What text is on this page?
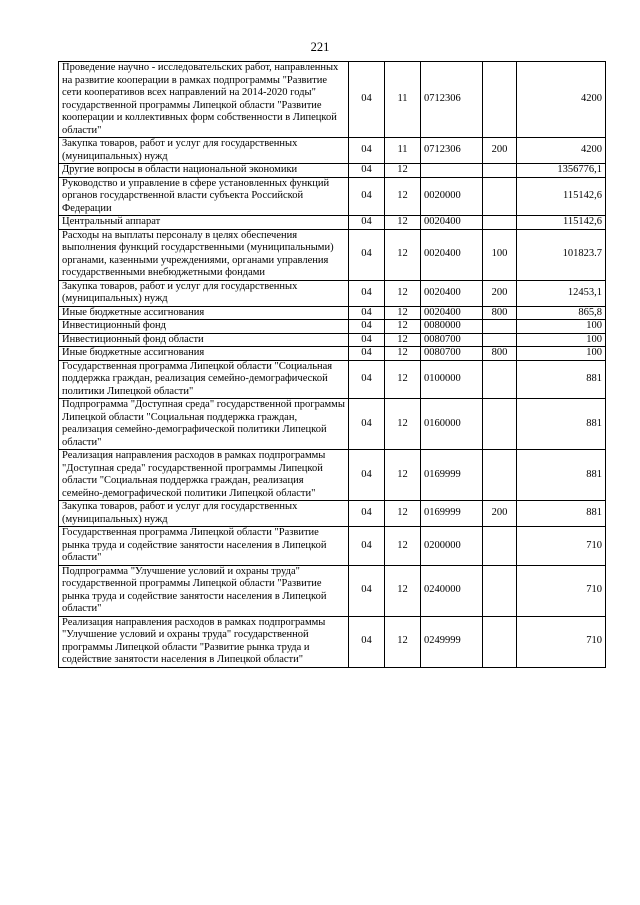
221
Проведение научно - исследовательских работ, направленных на развитие кооперации в рамках подпрограммы "Развитие сети кооперативов всех направлений на 2014-2020 годы" государственной программы Липецкой области "Развитие кооперации и коллективных форм собственности в Липецкой области"	04	11	0712306		4200
Закупка товаров, работ и услуг для государственных (муниципальных) нужд	04	11	0712306	200	4200
Другие вопросы в области национальной экономики	04	12			1356776,1
Руководство и управление в сфере установленных функций органов государственной власти субъекта Российской Федерации	04	12	0020000		115142,6
Центральный аппарат	04	12	0020400		115142,6
Расходы на выплаты персоналу в целях обеспечения выполнения функций государственными (муниципальными) органами, казенными учреждениями, органами управления государственными внебюджетными фондами	04	12	0020400	100	101823.7
Закупка товаров, работ и услуг для государственных (муниципальных) нужд	04	12	0020400	200	12453,1
Иные бюджетные ассигнования	04	12	0020400	800	865,8
Инвестиционный фонд	04	12	0080000		100
Инвестиционный фонд области	04	12	0080700		100
Иные бюджетные ассигнования	04	12	0080700	800	100
Государственная программа Липецкой области "Социальная поддержка граждан, реализация семейно-демографической политики Липецкой области"	04	12	0100000		881
Подпрограмма "Доступная среда" государственной программы Липецкой области "Социальная поддержка граждан, реализация семейно-демографической политики Липецкой области"	04	12	0160000		881
Реализация направления расходов в рамках подпрограммы "Доступная среда" государственной программы Липецкой области "Социальная поддержка граждан, реализация семейно-демографической политики Липецкой области"	04	12	0169999		881
Закупка товаров, работ и услуг для государственных (муниципальных) нужд	04	12	0169999	200	881
Государственная программа Липецкой области "Развитие рынка труда и содействие занятости населения в Липецкой области"	04	12	0200000		710
Подпрограмма "Улучшение условий и охраны труда" государственной программы Липецкой области "Развитие рынка труда и содействие занятости населения в Липецкой области"	04	12	0240000		710
Реализация направления расходов в рамках подпрограммы "Улучшение условий и охраны труда" государственной программы Липецкой области "Развитие рынка труда и содействие занятости населения в Липецкой области"	04	12	0249999		710
